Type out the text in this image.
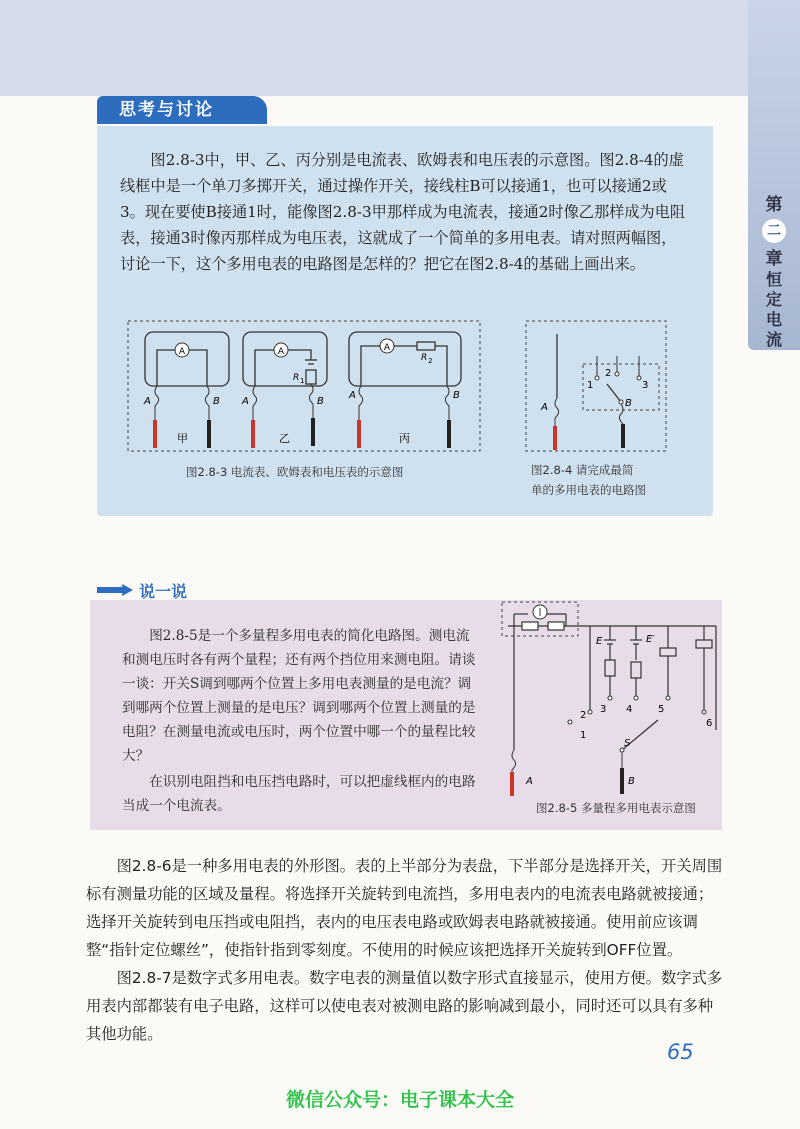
第
二
章
恒定电流
思考与讨论

图2.8-3中，甲、乙、丙分别是电流表、欧姆表和电压表的示意图。图2.8-4的虚线框中是一个单刀多掷开关，通过操作开关，接线柱B可以接通1，也可以接通2或3。现在要使B接通1时，能像图2.8-3甲那样成为电流表，接通2时像乙那样成为电阻表，接通3时像丙那样成为电压表，这就成了一个简单的多用电表。请对照两幅图，讨论一下，这个多用电表的电路图是怎样的？把它在图2.8-4的基础上画出来。

A
A	B
甲
A
R 1
A	B
乙
A
R 2
A	B
丙
图2.8-3 电流表、欧姆表和电压表的示意图
A
1
2
3
B
图2.8-4 请完成最简
单的多用电表的电路图
说一说

图2.8-5是一个多量程多用电表的简化电路图。测电流和测电压时各有两个量程；还有两个挡位用来测电阻。请谈一谈：开关S调到哪两个位置上多用电表测量的是电流？调到哪两个位置上测量的是电压？调到哪两个位置上测量的是电阻？在测量电流或电压时，两个位置中哪一个的量程比较大？

在识别电阻挡和电压挡电路时，可以把虚线框内的电路当成一个电流表。

E	E′
1
2
3 4	5
6
S
B
A
图2.8-5 多量程多用电表示意图

图2.8-6是一种多用电表的外形图。表的上半部分为表盘，下半部分是选择开关，开关周围标有测量功能的区域及量程。将选择开关旋转到电流挡，多用电表内的电流表电路就被接通；选择开关旋转到电压挡或电阻挡，表内的电压表电路或欧姆表电路就被接通。使用前应该调整“指针定位螺丝”，使指针指到零刻度。不使用的时候应该把选择开关旋转到OFF位置。

图2.8-7是数字式多用电表。数字电表的测量值以数字形式直接显示，使用方便。数字式多用表内部都装有电子电路，这样可以使电表对被测电路的影响减到最小，同时还可以具有多种其他功能。

65
微信公众号：电子课本大全
